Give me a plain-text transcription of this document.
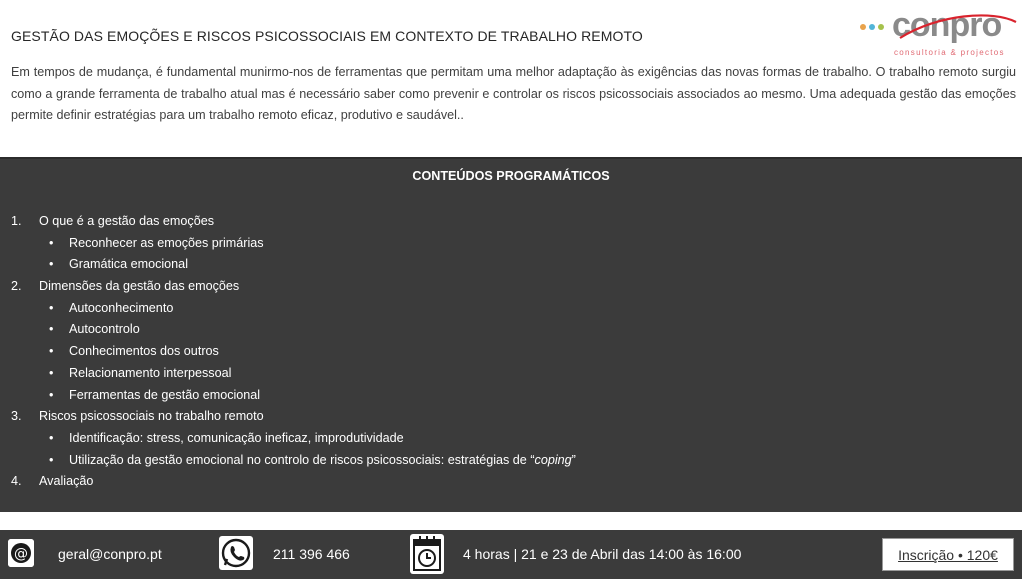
GESTÃO DAS EMOÇÕES E RISCOS PSICOSSOCIAIS EM CONTEXTO DE TRABALHO REMOTO	conpro
consultoria & projectos
Em tempos de mudança, é fundamental munirmo-nos de ferramentas que permitam uma melhor adaptação às exigências das novas formas de trabalho. O trabalho remoto surgiu como a grande ferramenta de trabalho atual mas é necessário saber como prevenir e controlar os riscos psicossociais associados ao mesmo. Uma adequada gestão das emoções permite definir estratégias para um trabalho remoto eficaz, produtivo e saudável..
CONTEÚDOS PROGRAMÁTICOS
1. O que é a gestão das emoções
• Reconhecer as emoções primárias
• Gramática emocional
2. Dimensões da gestão das emoções
• Autoconhecimento
• Autocontrolo
• Conhecimentos dos outros
• Relacionamento interpessoal
• Ferramentas de gestão emocional
3. Riscos psicossociais no trabalho remoto
• Identificação: stress, comunicação ineficaz, improdutividade
• Utilização da gestão emocional no controlo de riscos psicossociais: estratégias de “coping”
4. Avaliação
@ geral@conpro.pt	211 396 466	4 horas | 21 e 23 de Abril das 14:00 às 16:00	Inscrição • 120€
